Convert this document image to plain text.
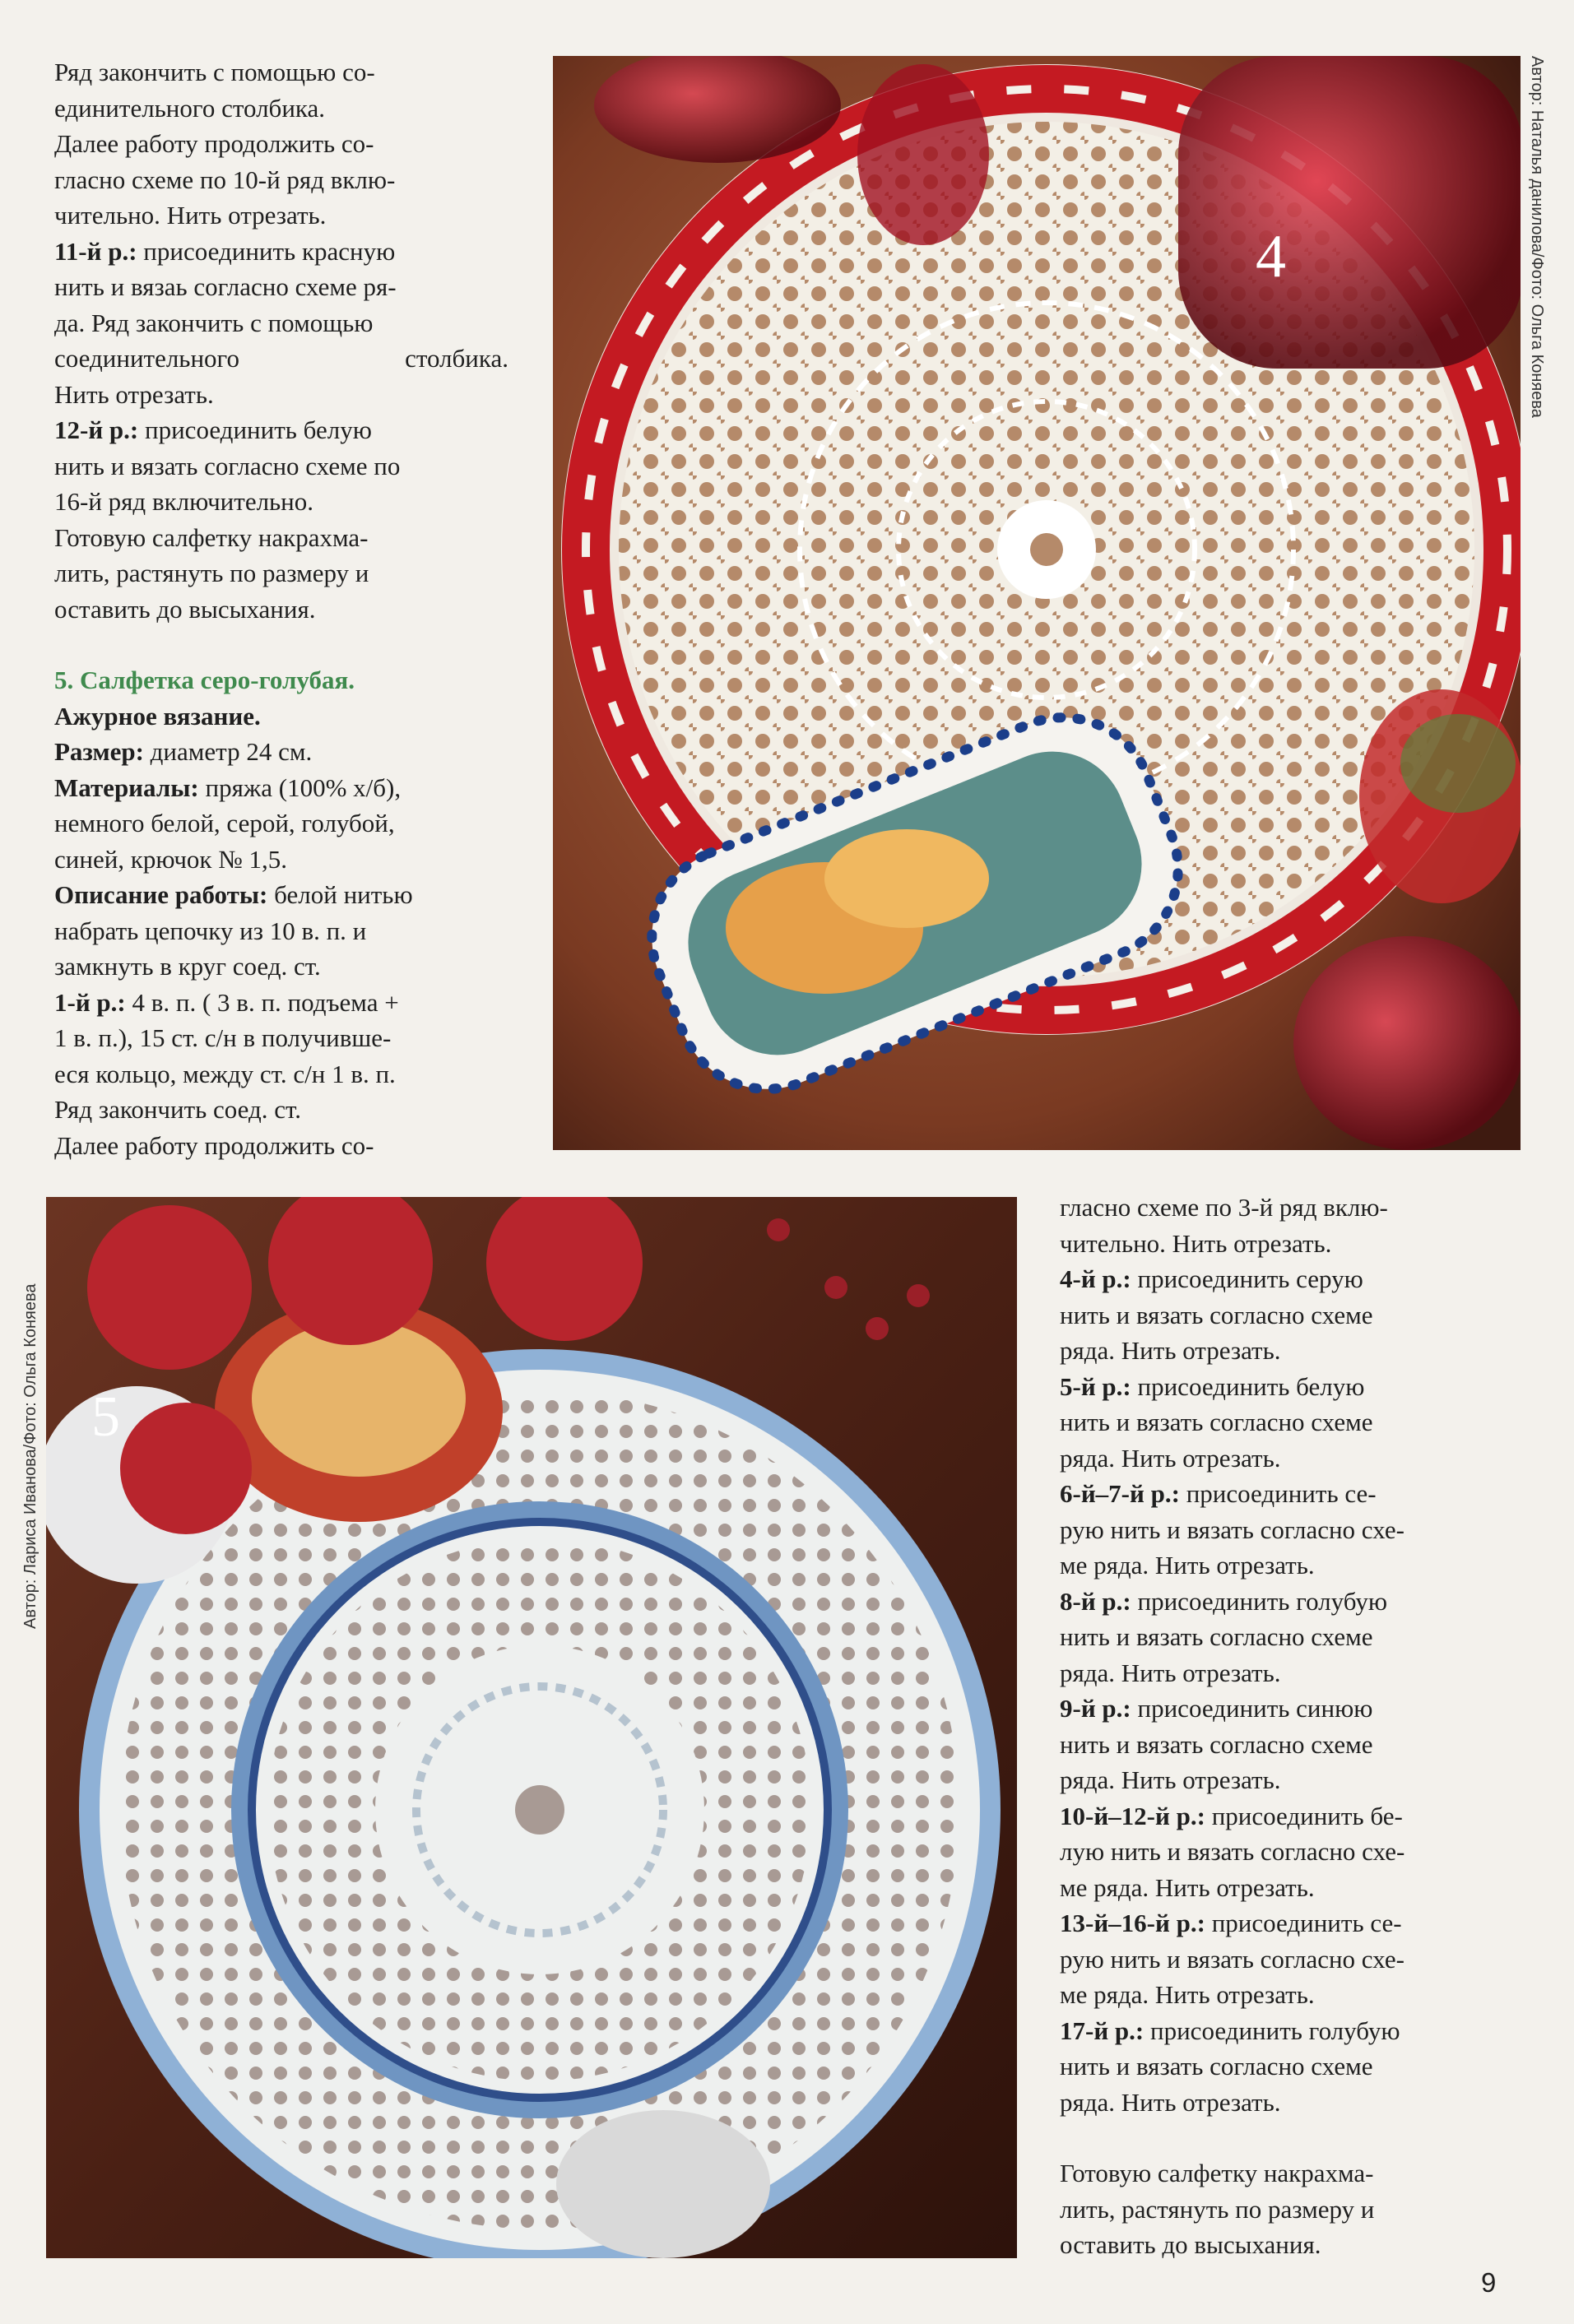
Ряд закончить с помощью со-

единительного столбика.

Далее работу продолжить со-

гласно схеме по 10-й ряд вклю-

чительно. Нить отрезать.

11-й р.: присоединить красную

нить и вязаь согласно схеме ря-

да. Ряд закончить с помощью

соединительного столбика.

Нить отрезать.

12-й р.: присоединить белую

нить и вязать согласно схеме по

16-й ряд включительно.

Готовую салфетку накрахма-

лить, растянуть по размеру и

оставить до высыхания.

5. Салфетка серо-голубая.

Ажурное вязание.

Размер: диаметр 24 см.

Материалы: пряжа (100% х/б),

немного белой, серой, голубой,

синей, крючок № 1,5.

Описание работы: белой нитью

набрать цепочку из 10 в. п. и

замкнуть в круг соед. ст.

1-й р.: 4 в. п. ( 3 в. п. подъема +

1 в. п.), 15 ст. с/н в получивше-

еся кольцо, между ст. с/н 1 в. п.

Ряд закончить соед. ст.

Далее работу продолжить со-

4	Автор: Наталья данилова/Фото: Ольга Коняева
5
Автор: Лариса Иванова/Фото: Ольга Коняева

гласно схеме по 3-й ряд вклю-

чительно. Нить отрезать.

4-й р.: присоединить серую

нить и вязать согласно схеме

ряда. Нить отрезать.

5-й р.: присоединить белую

нить и вязать согласно схеме

ряда. Нить отрезать.

6-й–7-й р.: присоединить се-

рую нить и вязать согласно схе-

ме ряда. Нить отрезать.

8-й р.: присоединить голубую

нить и вязать согласно схеме

ряда. Нить отрезать.

9-й р.: присоединить синюю

нить и вязать согласно схеме

ряда. Нить отрезать.

10-й–12-й р.: присоединить бе-

лую нить и вязать согласно схе-

ме ряда. Нить отрезать.

13-й–16-й р.: присоединить се-

рую нить и вязать согласно схе-

ме ряда. Нить отрезать.

17-й р.: присоединить голубую

нить и вязать согласно схеме

ряда. Нить отрезать.

Готовую салфетку накрахма-

лить, растянуть по размеру и

оставить до высыхания.

9
